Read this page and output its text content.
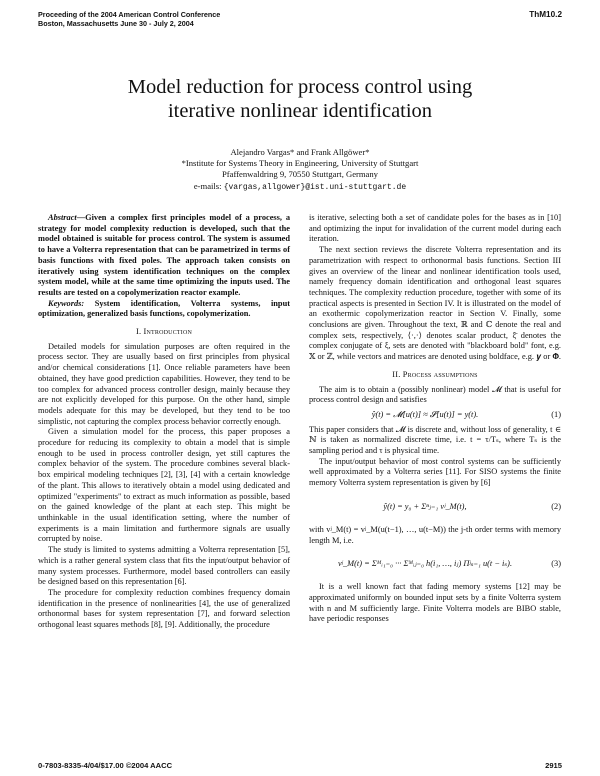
Proceeding of the 2004 American Control Conference
Boston, Massachusetts June 30 - July 2, 2004
ThM10.2
Model reduction for process control using
iterative nonlinear identification
Alejandro Vargas* and Frank Allgöwer*
*Institute for Systems Theory in Engineering, University of Stuttgart
Pfaffenwaldring 9, 70550 Stuttgart, Germany
e-mails: {vargas,allgower}@ist.uni-stuttgart.de

Abstract—Given a complex first principles model of a process, a strategy for model complexity reduction is developed, such that the model obtained is suitable for process control. The system is assumed to have a Volterra representation that can be parametrized in terms of basis functions with fixed poles. The approach taken consists on iteratively using system identification techniques on the complex system model, while at the same time optimizing the inputs used. The results are tested on a copolymerization reactor example.

Keywords: System identification, Volterra systems, input optimization, generalized basis functions, copolymerization.

I. Introduction

Detailed models for simulation purposes are often required in the process sector. They are usually based on first principles from physical and/or chemical considerations [1]. Once reliable parameters have been obtained, they have good prediction capabilities. However, they tend to be too complex for advanced process controller design, mainly because they are not explicitly developed for this purpose. On the other hand, simple models adequate for this may be developed, but they tend to be too simplistic, not capturing the complex process behavior correctly enough.

Given a simulation model for the process, this paper proposes a procedure for reducing its complexity to obtain a model that is simple enough to be used in process controller design, yet still captures the complex behavior of the system. The procedure combines several black-box empirical modeling techniques [2], [3], [4] with a certain knowledge of the plant. This allows to iteratively obtain a model using dedicated and optimized "experiments" to extract as much information as possible, based on the gained knowledge of the plant at each step. This might be unthinkable in the usual identification setting, where the number of experiments is a main limitation and furthermore signals are usually corrupted by noise.

The study is limited to systems admitting a Volterra representation [5], which is a rather general system class that fits the input/output behavior of many system processes. Furthermore, model based controllers can easily be designed based on this representation [6].

The procedure for complexity reduction combines frequency domain identification in the presence of nonlinearities [4], the use of generalized orthonormal bases for system representation [7], and forward selection orthogonal least squares methods [8], [9]. Additionally, the procedure

is iterative, selecting both a set of candidate poles for the bases as in [10] and optimizing the input for invalidation of the current model during each iteration.

The next section reviews the discrete Volterra representation and its parametrization with respect to orthonormal basis functions. Section III gives an overview of the linear and nonlinear identification tools used, namely frequency domain identification and orthogonal least squares techniques. The complexity reduction procedure, together with some of its practical aspects is presented in Section IV. It is illustrated on the model of an exothermic copolymerization reactor in Section V. Finally, some conclusions are given. Throughout the text, ℝ and ℂ denote the real and complex sets, respectively, ⟨·,·⟩ denotes scalar product, ξ̄ denotes the complex conjugate of ξ, sets are denoted with "blackboard bold" font, e.g. 𝕏 or ℤ, while vectors and matrices are denoted using boldface, e.g. 𝒚 or 𝚽.

II. Process assumptions

The aim is to obtain a (possibly nonlinear) model 𝓜 that is useful for process control design and satisfies

ŷ(t) = 𝓜[u(t)] ≈ 𝓢[u(t)] = y(t).	(1)

This paper considers that 𝓜 is discrete and, without loss of generality, t ∈ ℕ is taken as normalized discrete time, i.e. t = τ/Tₛ, where Tₛ is the sampling period and τ is physical time.

The input/output behavior of most control systems can be sufficiently well approximated by a Volterra series [11]. For SISO systems the finite memory Volterra system representation is given by [6]

ŷ(t) = y₀ + Σⁿⱼ₌₁ vʲ_M(t),	(2)

with vʲ_M(t) = vʲ_M(u(t−1), …, u(t−M)) the j-th order terms with memory length M, i.e.

vʲ_M(t) = Σᴹᵢ₁₌₀ ··· Σᴹᵢⱼ₌₀ h(i₁, …, iⱼ) Πʲₛ₌₁ u(t − iₛ).	(3)

It is a well known fact that fading memory systems [12] may be approximated uniformly on bounded input sets by a finite Volterra system with n and M sufficiently large. Finite Volterra models are BIBO stable, have periodic responses

0-7803-8335-4/04/$17.00 ©2004 AACC	2915
